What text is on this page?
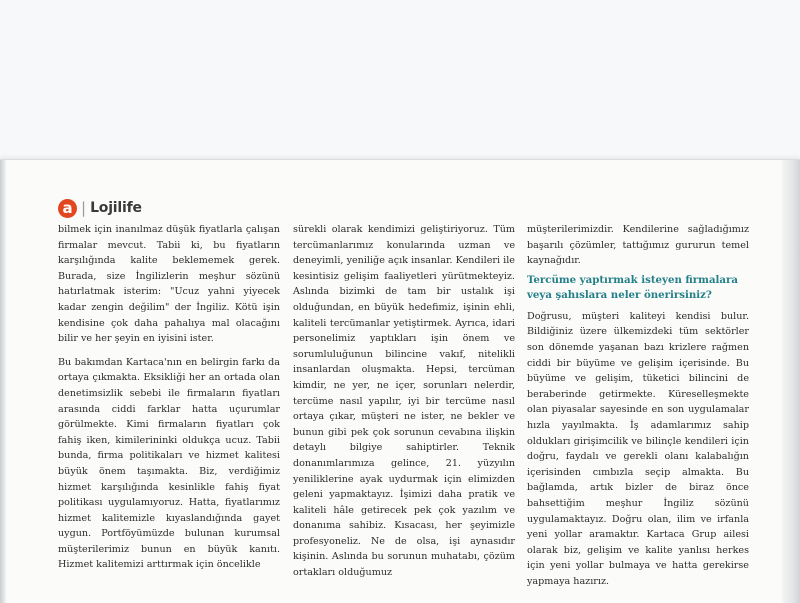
a | Lojilife

bilmek için inanılmaz düşük fiyatlarla çalışan firmalar mevcut. Tabii ki, bu fiyatların karşılığında kalite beklememek gerek. Burada, size İngilizlerin meşhur sözünü hatırlatmak isterim: "Ucuz yahni yiyecek kadar zengin değilim" der İngiliz. Kötü işin kendisine çok daha pahalıya mal olacağını bilir ve her şeyin en iyisini ister.

Bu bakımdan Kartaca'nın en belirgin farkı da ortaya çıkmakta. Eksikliği her an ortada olan denetimsizlik sebebi ile firmaların fiyatları arasında ciddi farklar hatta uçurumlar görülmekte. Kimi firmaların fiyatları çok fahiş iken, kimilerininki oldukça ucuz. Tabii bunda, firma politikaları ve hizmet kalitesi büyük önem taşımakta. Biz, verdiğimiz hizmet karşılığında kesinlikle fahiş fiyat politikası uygulamıyoruz. Hatta, fiyatlarımız hizmet kalitemizle kıyaslandığında gayet uygun. Portföyümüzde bulunan kurumsal müşterilerimiz bunun en büyük kanıtı. Hizmet kalitemizi arttırmak için öncelikle

sürekli olarak kendimizi geliştiriyoruz. Tüm tercümanlarımız konularında uzman ve deneyimli, yeniliğe açık insanlar. Kendileri ile kesintisiz gelişim faaliyetleri yürütmekteyiz. Aslında bizimki de tam bir ustalık işi olduğundan, en büyük hedefimiz, işinin ehli, kaliteli tercümanlar yetiştirmek. Ayrıca, idari personelimiz yaptıkları işin önem ve sorumluluğunun bilincine vakıf, nitelikli insanlardan oluşmakta. Hepsi, tercüman kimdir, ne yer, ne içer, sorunları nelerdir, tercüme nasıl yapılır, iyi bir tercüme nasıl ortaya çıkar, müşteri ne ister, ne bekler ve bunun gibi pek çok sorunun cevabına ilişkin detaylı bilgiye sahiptirler. Teknik donanımlarımıza gelince, 21. yüzyılın yeniliklerine ayak uydurmak için elimizden geleni yapmaktayız. İşimizi daha pratik ve kaliteli hâle getirecek pek çok yazılım ve donanıma sahibiz. Kısacası, her şeyimizle profesyoneliz. Ne de olsa, işi aynasıdır kişinin. Aslında bu sorunun muhatabı, çözüm ortakları olduğumuz

müşterilerimizdir. Kendilerine sağladığımız başarılı çözümler, tattığımız gururun temel kaynağıdır.

Tercüme yaptırmak isteyen firmalara veya şahıslara neler önerirsiniz?

Doğrusu, müşteri kaliteyi kendisi bulur. Bildiğiniz üzere ülkemizdeki tüm sektörler son dönemde yaşanan bazı krizlere rağmen ciddi bir büyüme ve gelişim içerisinde. Bu büyüme ve gelişim, tüketici bilincini de beraberinde getirmekte. Küreselleşmekte olan piyasalar sayesinde en son uygulamalar hızla yayılmakta. İş adamlarımız sahip oldukları girişimcilik ve bilinçle kendileri için doğru, faydalı ve gerekli olanı kalabalığın içerisinden cımbızla seçip almakta. Bu bağlamda, artık bizler de biraz önce bahsettiğim meşhur İngiliz sözünü uygulamaktayız. Doğru olan, ilim ve irfanla yeni yollar aramaktır. Kartaca Grup ailesi olarak biz, gelişim ve kalite yanlısı herkes için yeni yollar bulmaya ve hatta gerekirse yapmaya hazırız.
